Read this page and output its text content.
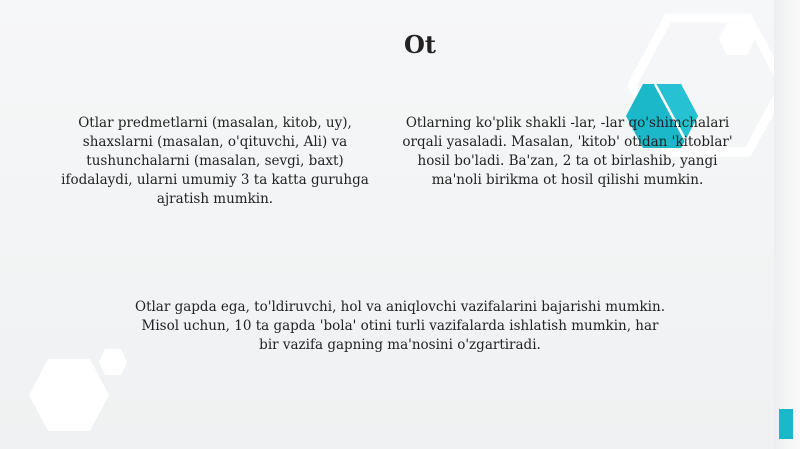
Ot

Otlar predmetlarni (masalan, kitob, uy), shaxslarni (masalan, o'qituvchi, Ali) va tushunchalarni (masalan, sevgi, baxt) ifodalaydi, ularni umumiy 3 ta katta guruhga ajratish mumkin.

Otlarning ko'plik shakli -lar, -lar qo'shimchalari orqali yasaladi. Masalan, 'kitob' otidan 'kitoblar' hosil bo'ladi. Ba'zan, 2 ta ot birlashib, yangi ma'noli birikma ot hosil qilishi mumkin.

Otlar gapda ega, to'ldiruvchi, hol va aniqlovchi vazifalarini bajarishi mumkin. Misol uchun, 10 ta gapda 'bola' otini turli vazifalarda ishlatish mumkin, har bir vazifa gapning ma'nosini o'zgartiradi.
